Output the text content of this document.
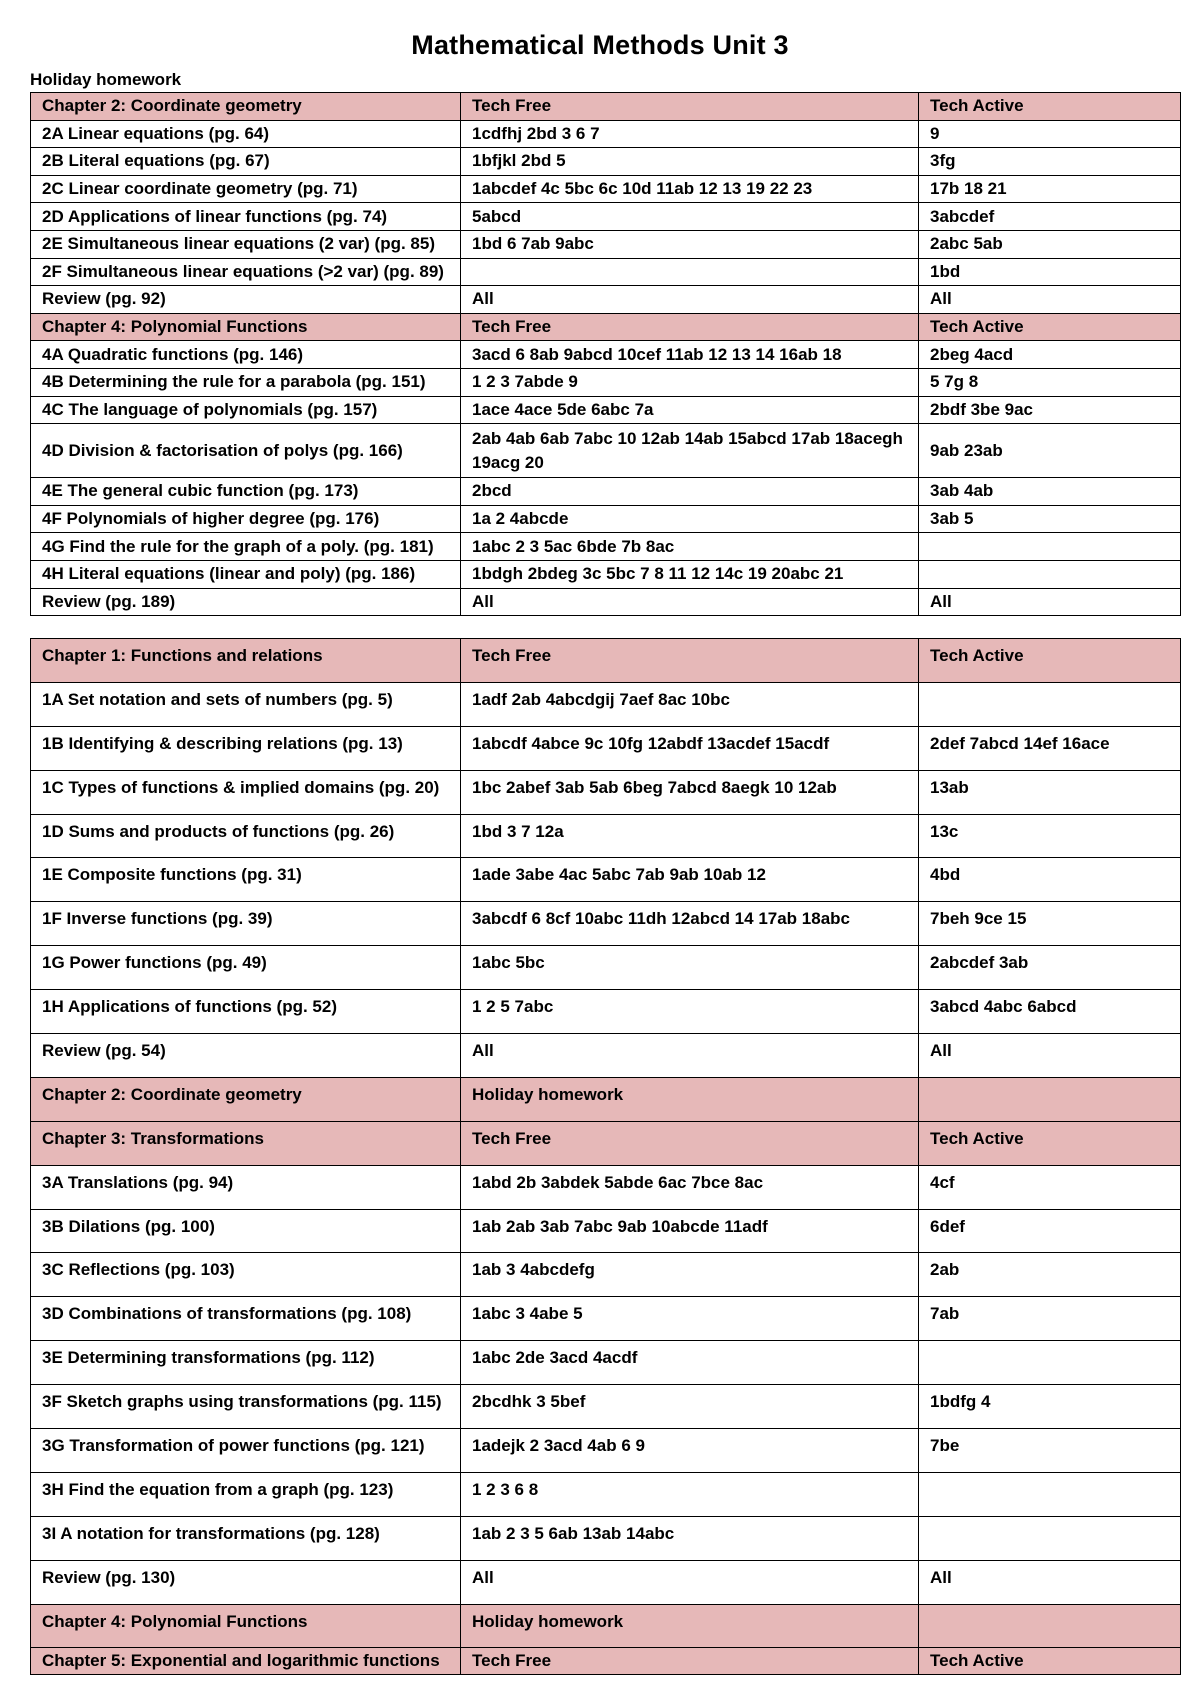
Mathematical Methods Unit 3
Holiday homework
Chapter 2: Coordinate geometry	Tech Free	Tech Active
2A Linear equations (pg. 64)	1cdfhj 2bd 3 6 7	9
2B Literal equations (pg. 67)	1bfjkl 2bd 5	3fg
2C Linear coordinate geometry (pg. 71)	1abcdef 4c 5bc 6c 10d 11ab 12 13 19 22 23	17b 18 21
2D Applications of linear functions (pg. 74)	5abcd	3abcdef
2E Simultaneous linear equations (2 var) (pg. 85)	1bd 6 7ab 9abc	2abc 5ab
2F Simultaneous linear equations (>2 var) (pg. 89)		1bd
Review (pg. 92)	All	All
Chapter 4: Polynomial Functions	Tech Free	Tech Active
4A Quadratic functions (pg. 146)	3acd 6 8ab 9abcd 10cef 11ab 12 13 14 16ab 18	2beg 4acd
4B Determining the rule for a parabola (pg. 151)	1 2 3 7abde 9	5 7g 8
4C The language of polynomials (pg. 157)	1ace 4ace 5de 6abc 7a	2bdf 3be 9ac
4D Division & factorisation of polys (pg. 166)	2ab 4ab 6ab 7abc 10 12ab 14ab 15abcd 17ab 18acegh 19acg 20	9ab 23ab
4E The general cubic function (pg. 173)	2bcd	3ab 4ab
4F Polynomials of higher degree (pg. 176)	1a 2 4abcde	3ab 5
4G Find the rule for the graph of a poly. (pg. 181)	1abc 2 3 5ac 6bde 7b 8ac	
4H Literal equations (linear and poly) (pg. 186)	1bdgh 2bdeg 3c 5bc 7 8 11 12 14c 19 20abc 21	
Review (pg. 189)	All	All
Chapter 1: Functions and relations	Tech Free	Tech Active
1A Set notation and sets of numbers (pg. 5)	1adf 2ab 4abcdgij 7aef 8ac 10bc	
1B Identifying & describing relations (pg. 13)	1abcdf 4abce 9c 10fg 12abdf 13acdef 15acdf	2def 7abcd 14ef 16ace
1C Types of functions & implied domains (pg. 20)	1bc 2abef 3ab 5ab 6beg 7abcd 8aegk 10 12ab	13ab
1D Sums and products of functions (pg. 26)	1bd 3 7 12a	13c
1E Composite functions (pg. 31)	1ade 3abe 4ac 5abc 7ab 9ab 10ab 12	4bd
1F Inverse functions (pg. 39)	3abcdf 6 8cf 10abc 11dh 12abcd 14 17ab 18abc	7beh 9ce 15
1G Power functions (pg. 49)	1abc 5bc	2abcdef 3ab
1H Applications of functions (pg. 52)	1 2 5 7abc	3abcd 4abc 6abcd
Review (pg. 54)	All	All
Chapter 2: Coordinate geometry	Holiday homework	
Chapter 3: Transformations	Tech Free	Tech Active
3A Translations (pg. 94)	1abd 2b 3abdek 5abde 6ac 7bce 8ac	4cf
3B Dilations (pg. 100)	1ab 2ab 3ab 7abc 9ab 10abcde 11adf	6def
3C Reflections (pg. 103)	1ab 3 4abcdefg	2ab
3D Combinations of transformations (pg. 108)	1abc 3 4abe 5	7ab
3E Determining transformations (pg. 112)	1abc 2de 3acd 4acdf	
3F Sketch graphs using transformations (pg. 115)	2bcdhk 3 5bef	1bdfg 4
3G Transformation of power functions (pg. 121)	1adejk 2 3acd 4ab 6 9	7be
3H Find the equation from a graph (pg. 123)	1 2 3 6 8	
3I A notation for transformations (pg. 128)	1ab 2 3 5 6ab 13ab 14abc	
Review (pg. 130)	All	All
Chapter 4: Polynomial Functions	Holiday homework	
Chapter 5: Exponential and logarithmic functions	Tech Free	Tech Active
